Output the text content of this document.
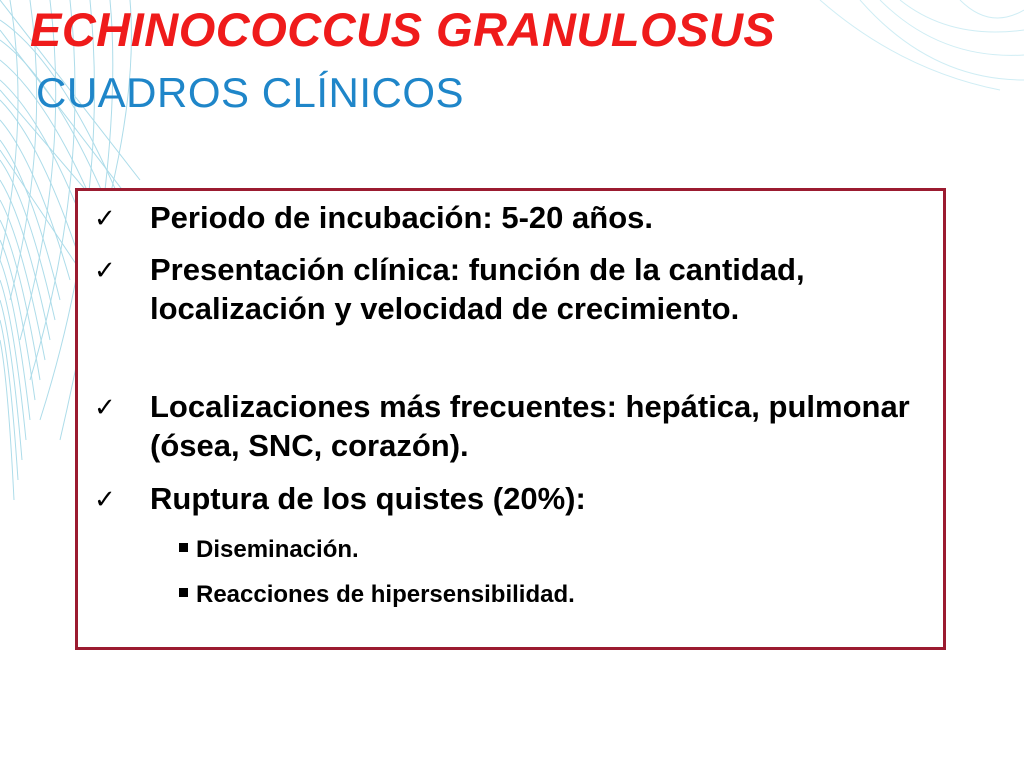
ECHINOCOCCUS GRANULOSUS
CUADROS CLÍNICOS
✓ Periodo de incubación: 5-20 años.
✓ Presentación clínica: función de la cantidad, localización y velocidad de crecimiento.
✓ Localizaciones más frecuentes: hepática, pulmonar (ósea, SNC, corazón).
✓ Ruptura de los quistes (20%):
Diseminación.
Reacciones de hipersensibilidad.
